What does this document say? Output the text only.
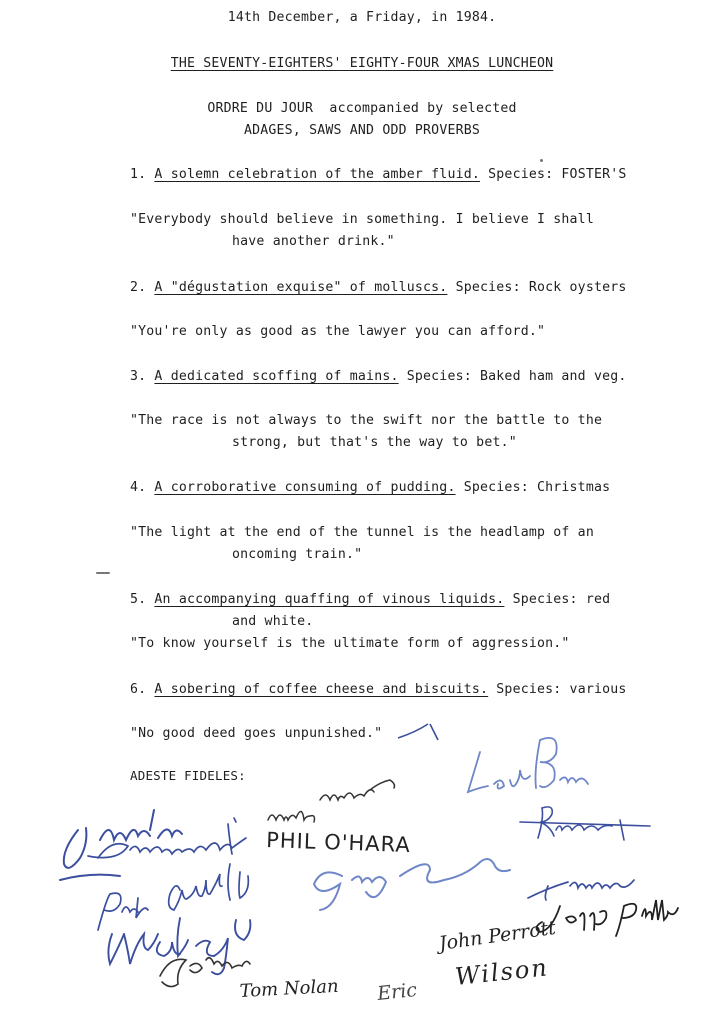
14th December, a Friday, in 1984.
THE SEVENTY-EIGHTERS' EIGHTY-FOUR XMAS LUNCHEON
ORDRE DU JOUR  accompanied by selected
ADAGES, SAWS AND ODD PROVERBS
1. A solemn celebration of the amber fluid. Species: FOSTER'S
"Everybody should believe in something. I believe I shall
have another drink."
2. A "dégustation exquise" of molluscs. Species: Rock oysters
"You're only as good as the lawyer you can afford."
3. A dedicated scoffing of mains. Species: Baked ham and veg.
"The race is not always to the swift nor the battle to the
strong, but that's the way to bet."
4. A corroborative consuming of pudding. Species: Christmas
"The light at the end of the tunnel is the headlamp of an
oncoming train."
5. An accompanying quaffing of vinous liquids. Species: red
and white.
"To know yourself is the ultimate form of aggression."
6. A sobering of coffee cheese and biscuits. Species: various
"No good deed goes unpunished."
ADESTE FIDELES:
PHIL O'HARA
Tom Nolan Eric
John Perrott
Wilson
